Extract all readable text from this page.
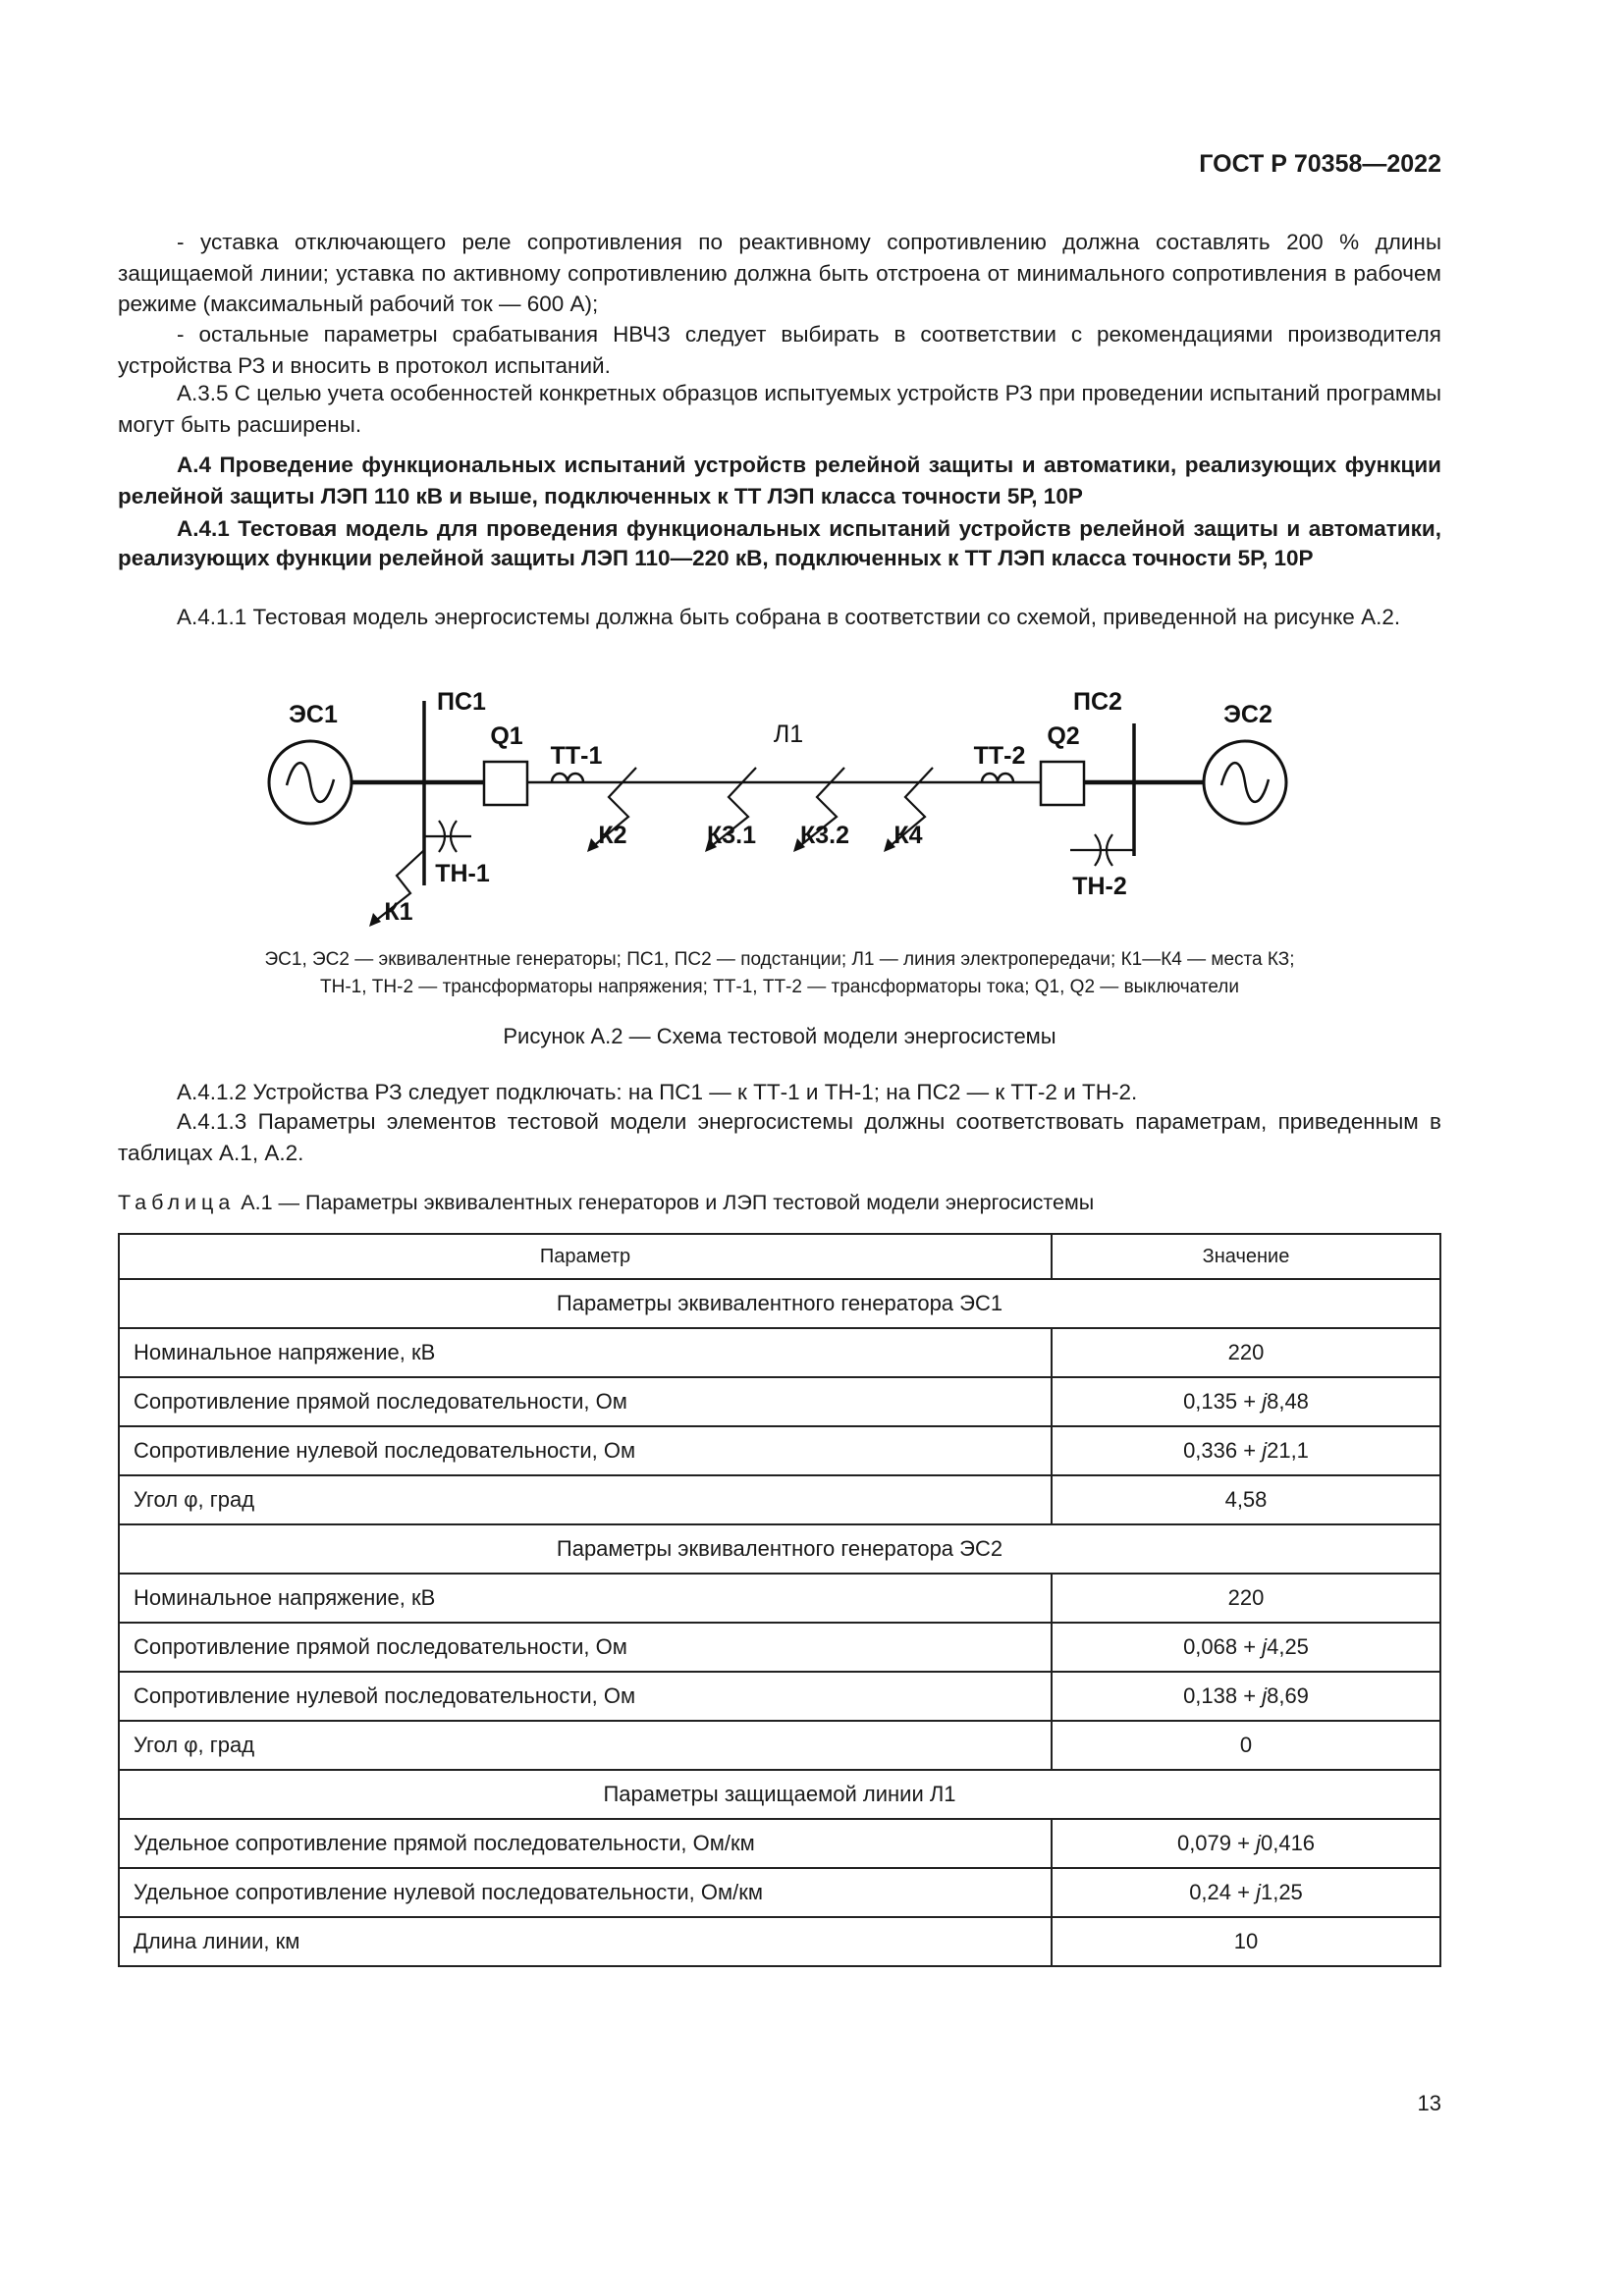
ГОСТ Р 70358—2022

- уставка отключающего реле сопротивления по реактивному сопротивлению должна составлять 200 % длины защищаемой линии; уставка по активному сопротивлению должна быть отстроена от минимального сопротивления в рабочем режиме (максимальный рабочий ток — 600 А);

- остальные параметры срабатывания НВЧЗ следует выбирать в соответствии с рекомендациями производителя устройства РЗ и вносить в протокол испытаний.

А.3.5 С целью учета особенностей конкретных образцов испытуемых устройств РЗ при проведении испытаний программы могут быть расширены.

А.4 Проведение функциональных испытаний устройств релейной защиты и автоматики, реализующих функции релейной защиты ЛЭП 110 кВ и выше, подключенных к ТТ ЛЭП класса точности 5Р, 10Р

А.4.1 Тестовая модель для проведения функциональных испытаний устройств релейной защиты и автоматики, реализующих функции релейной защиты ЛЭП 110—220 кВ, подключенных к ТТ ЛЭП класса точности 5Р, 10Р

А.4.1.1 Тестовая модель энергосистемы должна быть собрана в соответствии со схемой, приведенной на рисунке А.2.

ЭС1	ПС1
Q1
ТТ-1
Л1
ТТ-2
Q2
ПС2	ЭС2
К2	К3.1 К3.2 К4
К1
ТН-1	ТН-2
ЭС1, ЭС2 — эквивалентные генераторы; ПС1, ПС2 — подстанции; Л1 — линия электропередачи; К1—К4 — места КЗ;
ТН-1, ТН-2 — трансформаторы напряжения; ТТ-1, ТТ-2 — трансформаторы тока; Q1, Q2 — выключатели
Рисунок А.2 — Схема тестовой модели энергосистемы

А.4.1.2 Устройства РЗ следует подключать: на ПС1 — к ТТ-1 и ТН-1; на ПС2 — к ТТ-2 и ТН-2.

А.4.1.3 Параметры элементов тестовой модели энергосистемы должны соответствовать параметрам, приведенным в таблицах А.1, А.2.

Таблица А.1 — Параметры эквивалентных генераторов и ЛЭП тестовой модели энергосистемы
Параметр	Значение
Параметры эквивалентного генератора ЭС1	
Номинальное напряжение, кВ	220
Сопротивление прямой последовательности, Ом	0,135 + j8,48
Сопротивление нулевой последовательности, Ом	0,336 + j21,1
Угол φ, град	4,58
Параметры эквивалентного генератора ЭС2	
Номинальное напряжение, кВ	220
Сопротивление прямой последовательности, Ом	0,068 + j4,25
Сопротивление нулевой последовательности, Ом	0,138 + j8,69
Угол φ, град	0
Параметры защищаемой линии Л1	
Удельное сопротивление прямой последовательности, Ом/км	0,079 + j0,416
Удельное сопротивление нулевой последовательности, Ом/км	0,24 + j1,25
Длина линии, км	10
13
